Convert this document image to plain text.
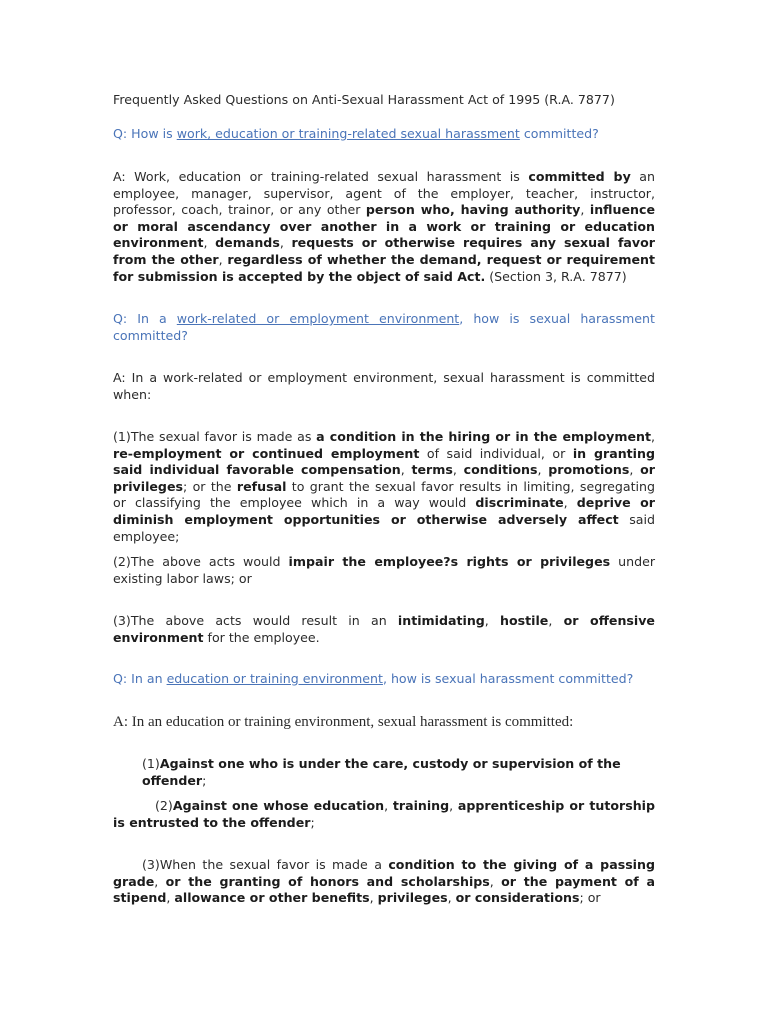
Frequently Asked Questions on Anti-Sexual Harassment Act of 1995 (R.A. 7877)

Q: How is work, education or training-related sexual harassment committed?

A: Work, education or training-related sexual harassment is committed by an employee, manager, supervisor, agent of the employer, teacher, instructor, professor, coach, trainor, or any other person who, having authority, influence or moral ascendancy over another in a work or training or education environment, demands, requests or otherwise requires any sexual favor from the other, regardless of whether the demand, request or requirement for submission is accepted by the object of said Act. (Section 3, R.A. 7877)

Q: In a work-related or employment environment, how is sexual harassment committed?

A: In a work-related or employment environment, sexual harassment is committed when:

(1)The sexual favor is made as a condition in the hiring or in the employment, re-employment or continued employment of said individual, or in granting said individual favorable compensation, terms, conditions, promotions, or privileges; or the refusal to grant the sexual favor results in limiting, segregating or classifying the employee which in a way would discriminate, deprive or diminish employment opportunities or otherwise adversely affect said employee;

(2)The above acts would impair the employee?s rights or privileges under existing labor laws; or

(3)The above acts would result in an intimidating, hostile, or offensive environment for the employee.

Q: In an education or training environment, how is sexual harassment committed?

A: In an education or training environment, sexual harassment is committed:

(1)Against one who is under the care, custody or supervision of the offender;

(2)Against one whose education, training, apprenticeship or tutorship is entrusted to the offender;

(3)When the sexual favor is made a condition to the giving of a passing grade, or the granting of honors and scholarships, or the payment of a stipend, allowance or other benefits, privileges, or considerations; or
